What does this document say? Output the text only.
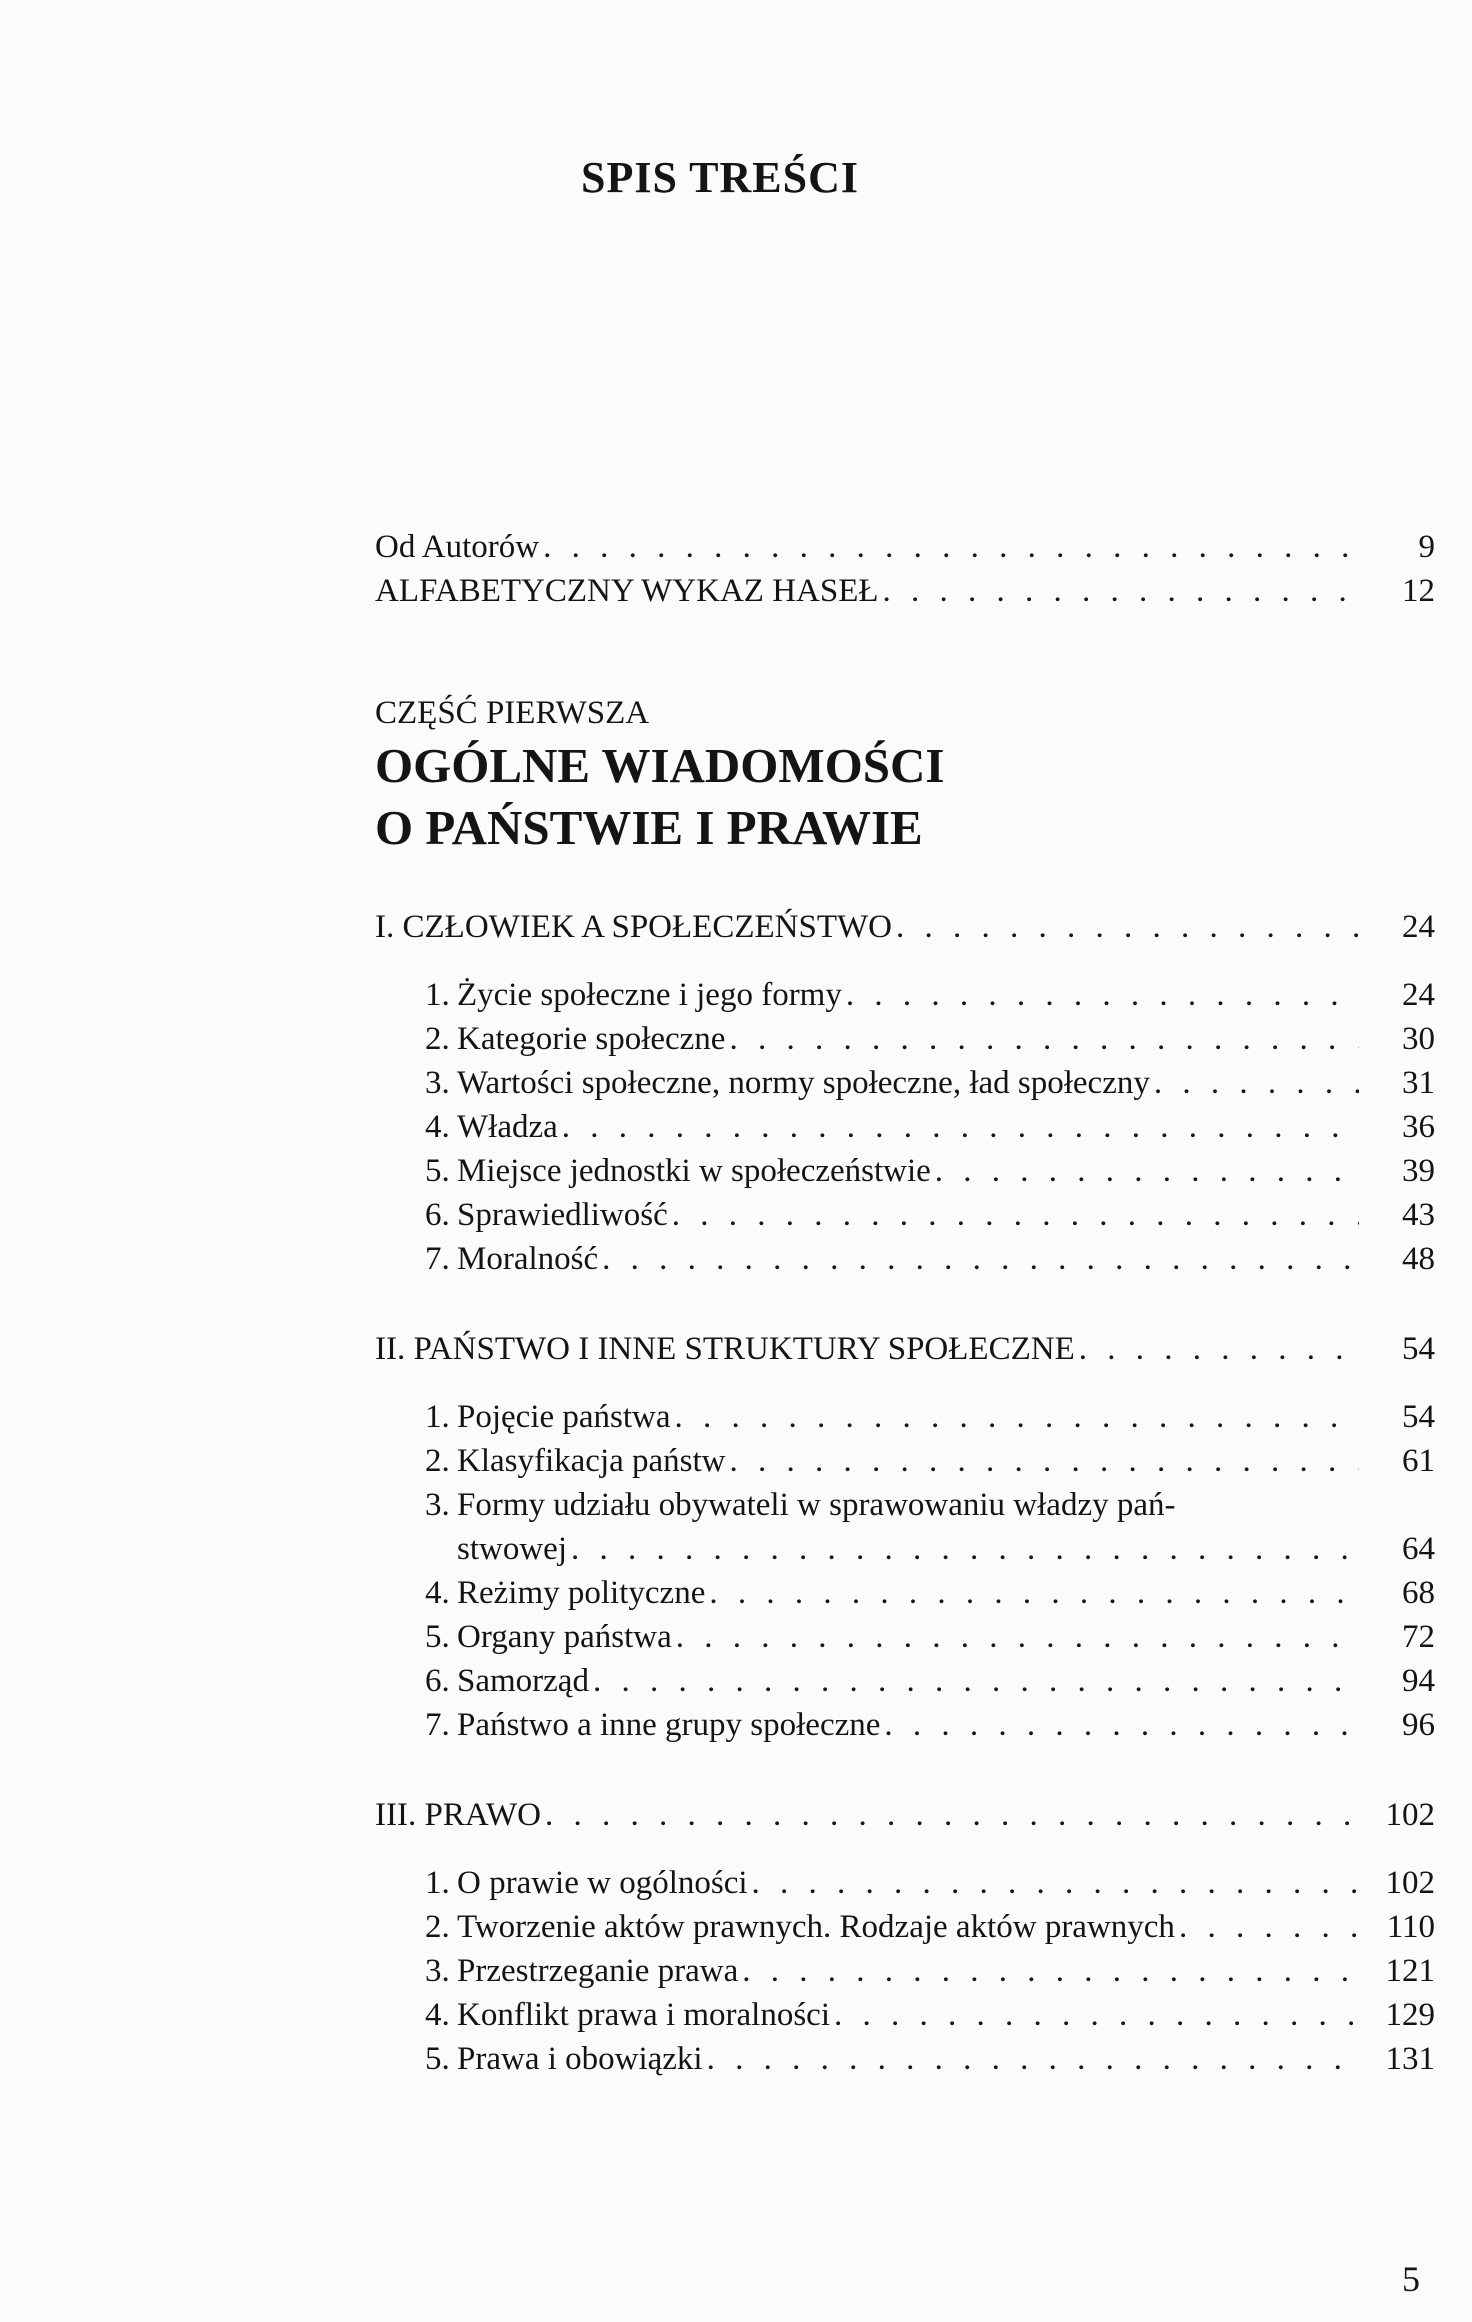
SPIS TREŚCI
Od Autorów . . .	9
ALFABETYCZNY WYKAZ HASEŁ . . .	12
CZĘŚĆ PIERWSZA
OGÓLNE WIADOMOŚCI
O PAŃSTWIE I PRAWIE
I. CZŁOWIEK A SPOŁECZEŃSTWO . . .	24
1. Życie społeczne i jego formy . . .	24
2. Kategorie społeczne . . .	30
3. Wartości społeczne, normy społeczne, ład społeczny . . .	31
4. Władza . . .	36
5. Miejsce jednostki w społeczeństwie . . .	39
6. Sprawiedliwość . . .	43
7. Moralność . . .	48
II. PAŃSTWO I INNE STRUKTURY SPOŁECZNE . . .	54
1. Pojęcie państwa . . .	54
2. Klasyfikacja państw . . .	61
3. Formy udziału obywateli w sprawowaniu władzy pań-
stwowej . . .	64
4. Reżimy polityczne . . .	68
5. Organy państwa . . .	72
6. Samorząd . . .	94
7. Państwo a inne grupy społeczne . . .	96
III. PRAWO . . .	102
1. O prawie w ogólności . . .	102
2. Tworzenie aktów prawnych. Rodzaje aktów prawnych . . .	110
3. Przestrzeganie prawa . . .	121
4. Konflikt prawa i moralności . . .	129
5. Prawa i obowiązki . . .	131
5
